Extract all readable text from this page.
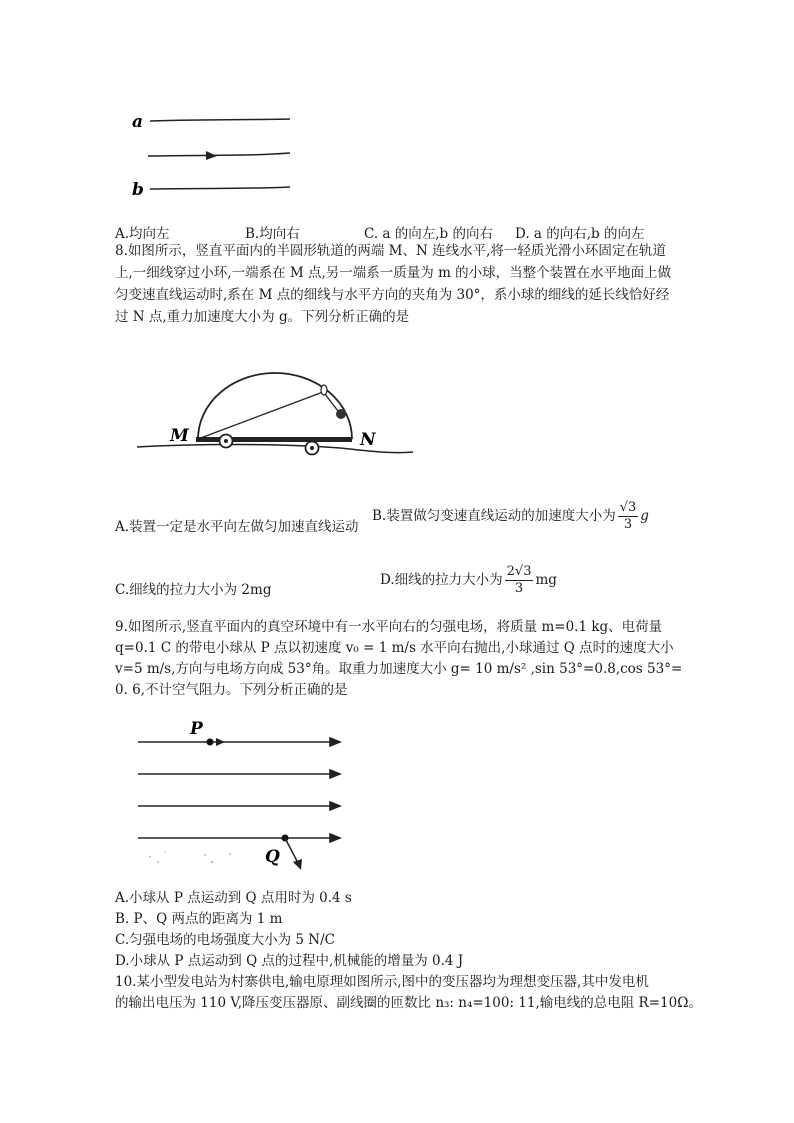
a
b
A.均向左	B.均向右	C. a 的向左,b 的向右 D. a 的向右,b 的向左
8.如图所示，竖直平面内的半圆形轨道的两端 M、N 连线水平,将一轻质光滑小环固定在轨道
上,一细线穿过小环,一端系在 M 点,另一端系一质量为 m 的小球，当整个装置在水平地面上做
匀变速直线运动时,系在 M 点的细线与水平方向的夹角为 30°，系小球的细线的延长线恰好经
过 N 点,重力加速度大小为 g。下列分析正确的是
M	N
A.装置一定是水平向左做匀加速直线运动
B.装置做匀变速直线运动的加速度大小为 $\frac{√3}{3}$ g
C.细线的拉力大小为 2mg
D.细线的拉力大小为 $\frac{2√3}{3}$ mg
9.如图所示,竖直平面内的真空环境中有一水平向右的匀强电场，将质量 m=0.1 kg、电荷量
q=0.1 C 的带电小球从 P 点以初速度 v₀ = 1 m/s 水平向右抛出,小球通过 Q 点时的速度大小
v=5 m/s,方向与电场方向成 53°角。取重力加速度大小 g= 10 m/s² ,sin 53°=0.8,cos 53°=
0. 6,不计空气阻力。下列分析正确的是
P
Q
A.小球从 P 点运动到 Q 点用时为 0.4 s
B. P、Q 两点的距离为 1 m
C.匀强电场的电场强度大小为 5 N/C
D.小球从 P 点运动到 Q 点的过程中,机械能的增量为 0.4 J
10.某小型发电站为村寨供电,输电原理如图所示,图中的变压器均为理想变压器,其中发电机
的输出电压为 110 V,降压变压器原、副线圈的匝数比 n₃: n₄=100: 11,输电线的总电阻 R=10Ω。
